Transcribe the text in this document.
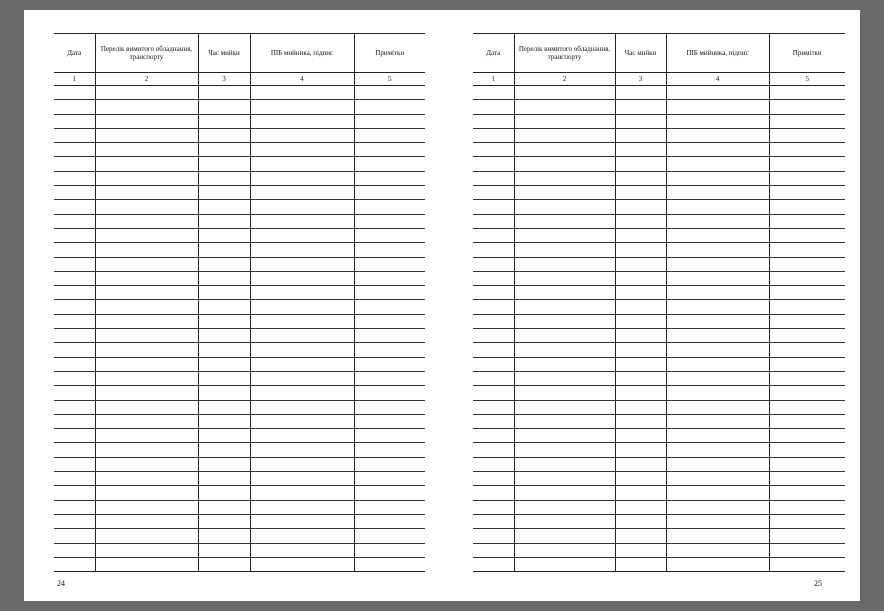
Дата	Перелік вимитого обладнання, транспорту	Час мийки	ПІБ мийника, підпис	Примітки
1	2	3	4	5

24
Дата	Перелік вимитого обладнання, транспорту	Час мийки	ПІБ мийника, підпис	Примітки
1	2	3	4	5

25
